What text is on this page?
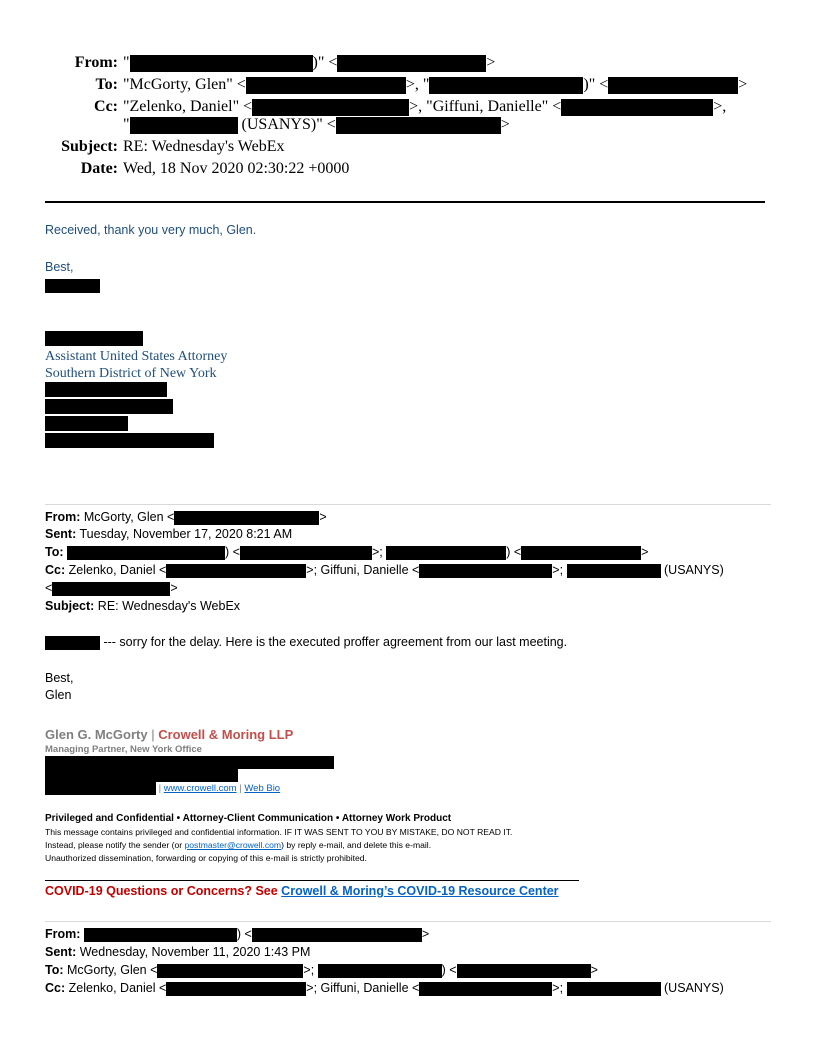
From: "	)" <	>
To: "McGorty, Glen" <	>, "	)" <	>
Cc: "Zelenko, Daniel" <	>, "Giffuni, Danielle" <	>,
"	(USANYS)" <	>
Subject: RE: Wednesday's WebEx
Date: Wed, 18 Nov 2020 02:30:22 +0000
Received, thank you very much, Glen.
Best,
Assistant United States Attorney
Southern District of New York
From: McGorty, Glen <	>
Sent: Tuesday, November 17, 2020 8:21 AM
To:	) <	>;	) <	>
Cc: Zelenko, Daniel <	>; Giffuni, Danielle <	>;	(USANYS)
<	>
Subject: RE: Wednesday's WebEx
--- sorry for the delay. Here is the executed proffer agreement from our last meeting.
Best,
Glen
Glen G. McGorty | Crowell & Moring LLP
Managing Partner, New York Office
| www.crowell.com | Web Bio
Privileged and Confidential • Attorney-Client Communication • Attorney Work Product
This message contains privileged and confidential information. IF IT WAS SENT TO YOU BY MISTAKE, DO NOT READ IT.
Instead, please notify the sender (or postmaster@crowell.com) by reply e-mail, and delete this e-mail.
Unauthorized dissemination, forwarding or copying of this e-mail is strictly prohibited.
COVID-19 Questions or Concerns? See Crowell & Moring’s COVID-19 Resource Center
From:	) <	>
Sent: Wednesday, November 11, 2020 1:43 PM
To: McGorty, Glen <	>;	) <	>
Cc: Zelenko, Daniel <	>; Giffuni, Danielle <	>;	(USANYS)
